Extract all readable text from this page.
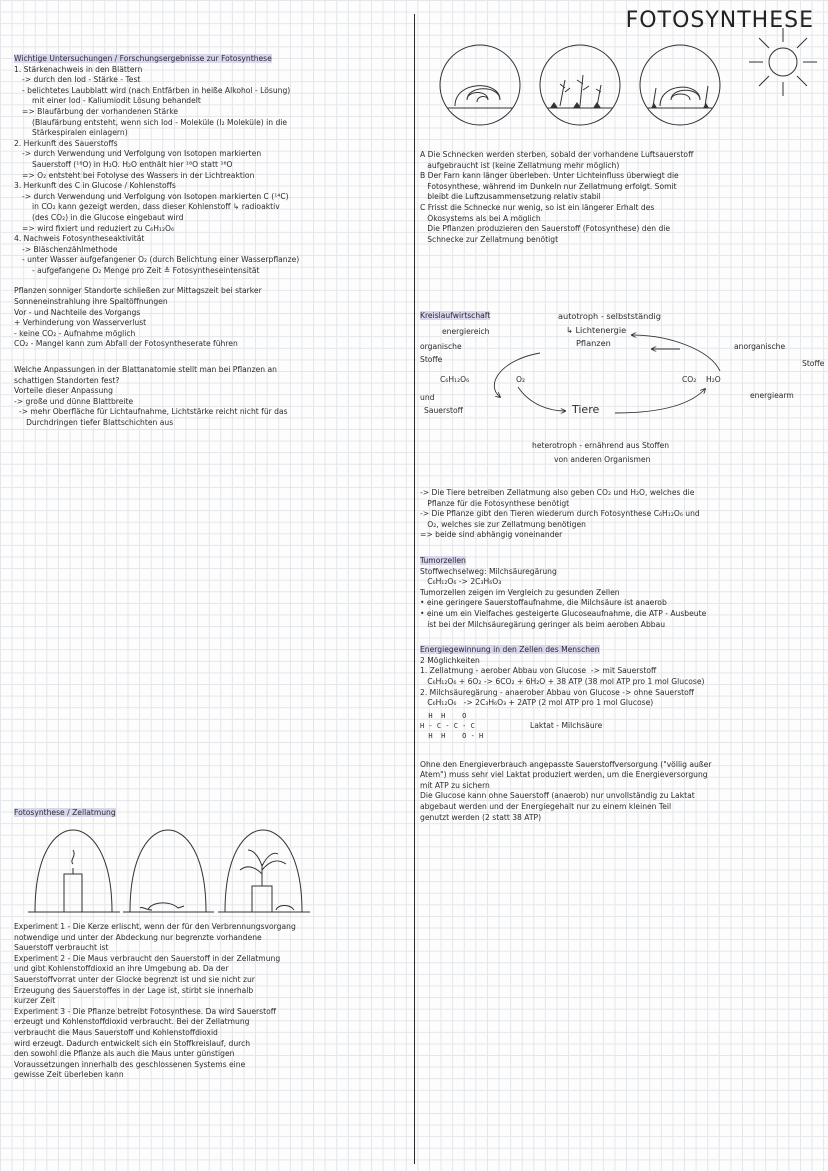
FOTOSYNTHESE
Wichtige Untersuchungen / Forschungsergebnisse zur Fotosynthese
1. Stärkenachweis in den Blättern
-> durch den Iod - Stärke - Test
- belichtetes Laubblatt wird (nach Entfärben in heiße Alkohol - Lösung)
mit einer Iod - Kaliumiodit Lösung behandelt
=> Blaufärbung der vorhandenen Stärke
(Blaufärbung entsteht, wenn sich Iod - Moleküle (I₂ Moleküle) in die
Stärkespiralen einlagern)
2. Herkunft des Sauerstoffs
-> durch Verwendung und Verfolgung von Isotopen markierten
Sauerstoff (¹⁸O) in H₂O. H₂O enthält hier ¹⁸O statt ¹⁶O
=> O₂ entsteht bei Fotolyse des Wassers in der Lichtreaktion
3. Herkunft des C in Glucose / Kohlenstoffs
-> durch Verwendung und Verfolgung von Isotopen markierten C (¹⁴C)
in CO₂ kann gezeigt werden, dass dieser Kohlenstoff ↳ radioaktiv
(des CO₂) in die Glucose eingebaut wird
=> wird fixiert und reduziert zu C₆H₁₂O₆
4. Nachweis Fotosyntheseaktivität
-> Bläschenzählmethode
- unter Wasser aufgefangener O₂ (durch Belichtung einer Wasserpflanze)
- aufgefangene O₂ Menge pro Zeit ≙ Fotosyntheseintensität
Pflanzen sonniger Standorte schließen zur Mittagszeit bei starker
Sonneneinstrahlung ihre Spaltöffnungen
Vor - und Nachteile des Vorgangs
+ Verhinderung von Wasserverlust
- keine CO₂ - Aufnahme möglich
CO₂ - Mangel kann zum Abfall der Fotosyntheserate führen
Welche Anpassungen in der Blattanatomie stellt man bei Pflanzen an
schattigen Standorten fest?
Vorteile dieser Anpassung
-> große und dünne Blattbreite
-> mehr Oberfläche für Lichtaufnahme, Lichtstärke reicht nicht für das
Durchdringen tiefer Blattschichten aus
Fotosynthese / Zellatmung
Experiment 1 - Die Kerze erlischt, wenn der für den Verbrennungsvorgang
notwendige und unter der Abdeckung nur begrenzte vorhandene
Sauerstoff verbraucht ist
Experiment 2 - Die Maus verbraucht den Sauerstoff in der Zellatmung
und gibt Kohlenstoffdioxid an ihre Umgebung ab. Da der
Sauerstoffvorrat unter der Glocke begrenzt ist und sie nicht zur
Erzeugung des Sauerstoffes in der Lage ist, stirbt sie innerhalb
kurzer Zeit
Experiment 3 - Die Pflanze betreibt Fotosynthese. Da wird Sauerstoff
erzeugt und Kohlenstoffdioxid verbraucht. Bei der Zellatmung
verbraucht die Maus Sauerstoff und Kohlenstoffdioxid
wird erzeugt. Dadurch entwickelt sich ein Stoffkreislauf, durch
den sowohl die Pflanze als auch die Maus unter günstigen
Voraussetzungen innerhalb des geschlossenen Systems eine
gewisse Zeit überleben kann
A Die Schnecken werden sterben, sobald der vorhandene Luftsauerstoff
aufgebraucht ist (keine Zellatmung mehr möglich)
B Der Farn kann länger überleben. Unter Lichteinfluss überwiegt die
Fotosynthese, während im Dunkeln nur Zellatmung erfolgt. Somit
bleibt die Luftzusammensetzung relativ stabil
C Frisst die Schnecke nur wenig, so ist ein längerer Erhalt des
Ökosystems als bei A möglich
Die Pflanzen produzieren den Sauerstoff (Fotosynthese) den die
Schnecke zur Zellatmung benötigt
Kreislaufwirtschaft	autotroph - selbstständig
↳ Lichtenergie
Pflanzen
energiereich
organische
Stoffe
C₆H₁₂O₆	O₂
und
Sauerstoff
CO₂ H₂O
anorganische
Stoffe
energiearm
Tiere
heterotroph - ernährend aus Stoffen
von anderen Organismen
-> Die Tiere betreiben Zellatmung also geben CO₂ und H₂O, welches die
Pflanze für die Fotosynthese benötigt
-> Die Pflanze gibt den Tieren wiederum durch Fotosynthese C₆H₁₂O₆ und
O₂, welches sie zur Zellatmung benötigen
=> beide sind abhängig voneinander
Tumorzellen
Stoffwechselweg: Milchsäuregärung
C₆H₁₂O₆ -> 2C₃H₆O₃
Tumorzellen zeigen im Vergleich zu gesunden Zellen
• eine geringere Sauerstoffaufnahme, die Milchsäure ist anaerob
• eine um ein Vielfaches gesteigerte Glucoseaufnahme, die ATP - Ausbeute
ist bei der Milchsäuregärung geringer als beim aeroben Abbau
Energiegewinnung in den Zellen des Menschen
2 Möglichkeiten
1. Zellatmung - aerober Abbau von Glucose  -> mit Sauerstoff
C₆H₁₂O₆ + 6O₂ -> 6CO₂ + 6H₂O + 38 ATP (38 mol ATP pro 1 mol Glucose)
2. Milchsäuregärung - anaerober Abbau von Glucose -> ohne Sauerstoff
C₆H₁₂O₆   -> 2C₃H₆O₃ + 2ATP (2 mol ATP pro 1 mol Glucose)
H  H    O
H - C - C - C
H  H    O - H
Laktat - Milchsäure
Ohne den Energieverbrauch angepasste Sauerstoffversorgung ("völlig außer
Atem") muss sehr viel Laktat produziert werden, um die Energieversorgung
mit ATP zu sichern
Die Glucose kann ohne Sauerstoff (anaerob) nur unvollständig zu Laktat
abgebaut werden und der Energiegehalt nur zu einem kleinen Teil
genutzt werden (2 statt 38 ATP)
